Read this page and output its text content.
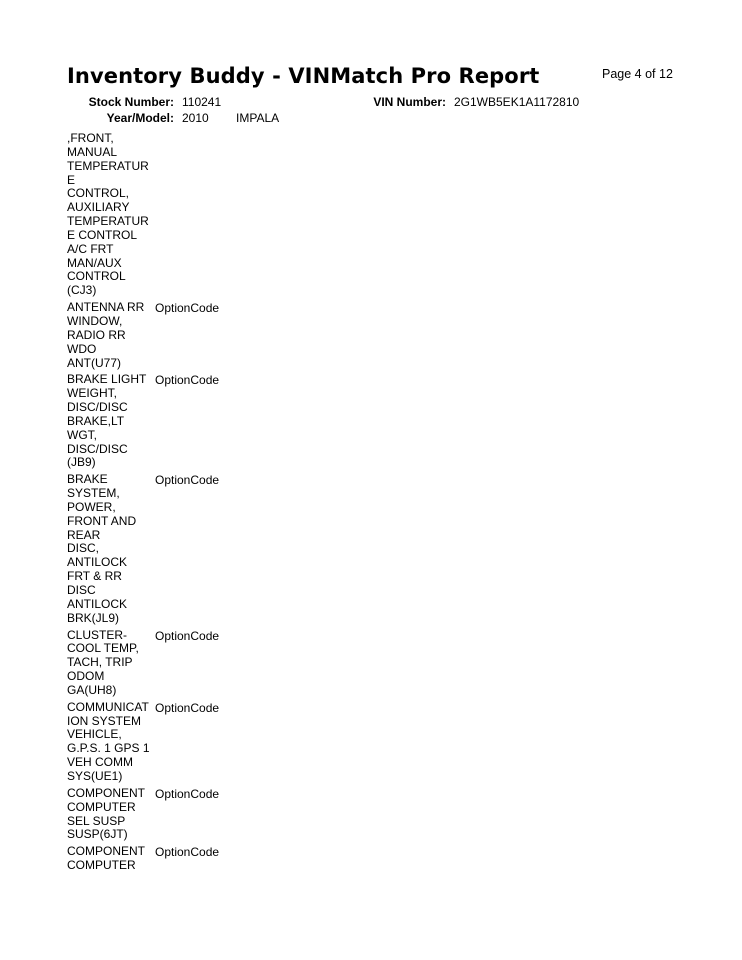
Inventory Buddy - VINMatch Pro Report	Page 4 of 12
Stock Number: 110241	VIN Number: 2G1WB5EK1A1172810
Year/Model: 2010 IMPALA
,FRONT,
MANUAL
TEMPERATUR
E
CONTROL,
AUXILIARY
TEMPERATUR
E CONTROL
A/C FRT
MAN/AUX
CONTROL
(CJ3)
ANTENNA RR
WINDOW,
RADIO RR
WDO
ANT(U77)
OptionCode
BRAKE LIGHT
WEIGHT,
DISC/DISC
BRAKE,LT
WGT,
DISC/DISC
(JB9)
OptionCode
BRAKE
SYSTEM,
POWER,
FRONT AND
REAR
DISC,
ANTILOCK
FRT & RR
DISC
ANTILOCK
BRK(JL9)
OptionCode
CLUSTER-
COOL TEMP,
TACH, TRIP
ODOM
GA(UH8)
OptionCode
COMMUNICAT
ION SYSTEM
VEHICLE,
G.P.S. 1 GPS 1
VEH COMM
SYS(UE1)
OptionCode
COMPONENT
COMPUTER
SEL SUSP
SUSP(6JT)
OptionCode
COMPONENT
COMPUTER
OptionCode
